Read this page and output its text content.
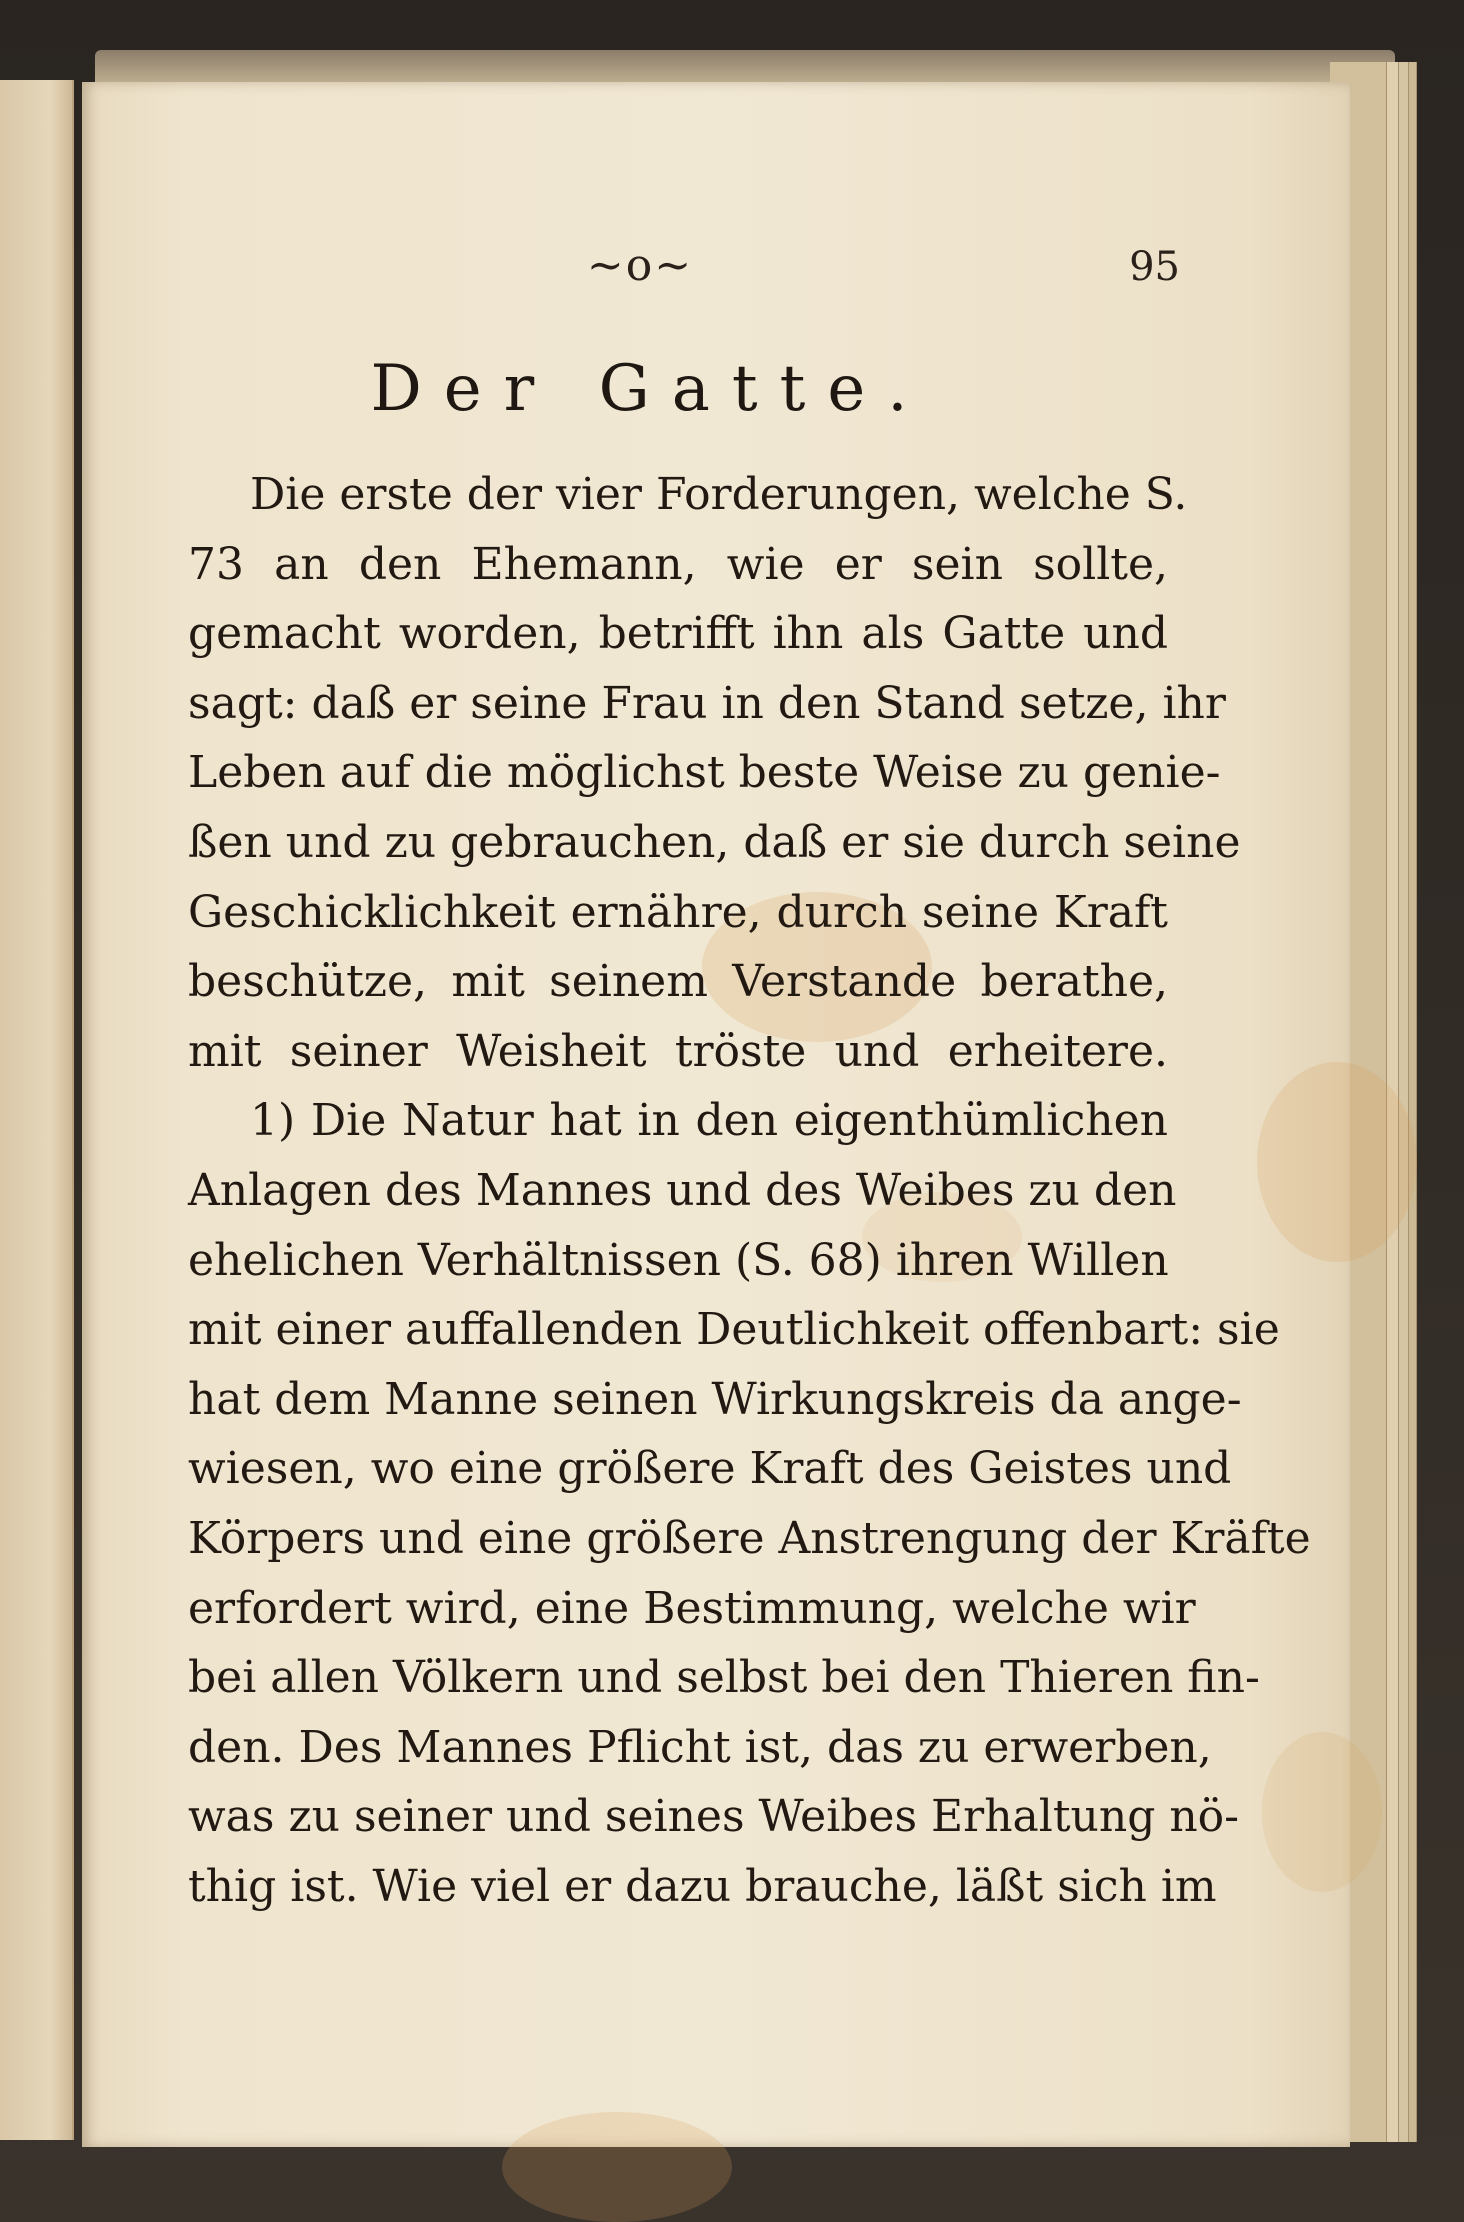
~o~	95
Der Gatte.
Die erste der vier Forderungen, welche S.
73 an den Ehemann, wie er sein sollte,
gemacht worden, betrifft ihn als Gatte und
sagt: daß er seine Frau in den Stand setze, ihr
Leben auf die möglichst beste Weise zu genie-
ßen und zu gebrauchen, daß er sie durch seine
Geschicklichkeit ernähre, durch seine Kraft
beschütze, mit seinem Verstande berathe,
mit seiner Weisheit tröste und erheitere.
1) Die Natur hat in den eigenthümlichen
Anlagen des Mannes und des Weibes zu den
ehelichen Verhältnissen (S. 68) ihren Willen
mit einer auffallenden Deutlichkeit offenbart: sie
hat dem Manne seinen Wirkungskreis da ange-
wiesen, wo eine größere Kraft des Geistes und
Körpers und eine größere Anstrengung der Kräfte
erfordert wird, eine Bestimmung, welche wir
bei allen Völkern und selbst bei den Thieren fin-
den. Des Mannes Pflicht ist, das zu erwerben,
was zu seiner und seines Weibes Erhaltung nö-
thig ist. Wie viel er dazu brauche, läßt sich im
